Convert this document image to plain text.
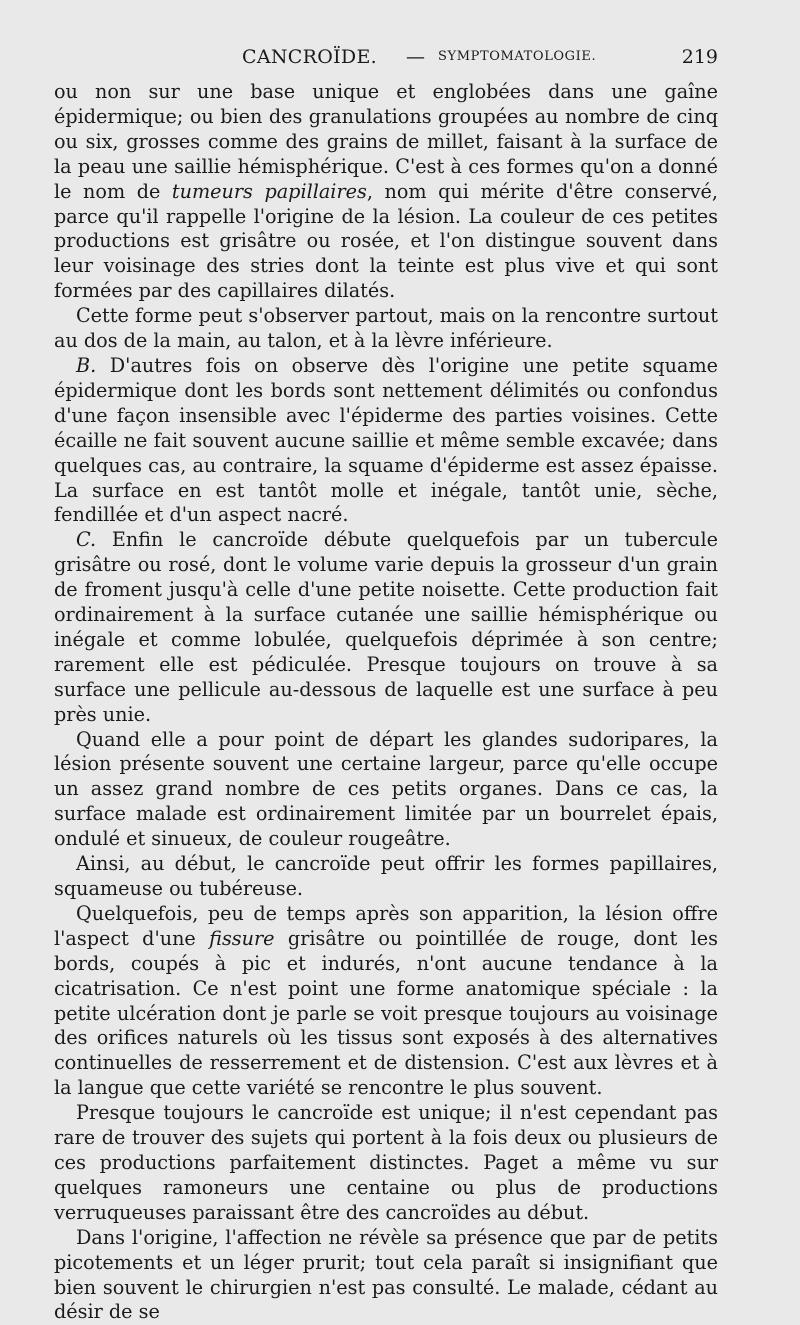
CANCROÏDE. — SYMPTOMATOLOGIE.	219

ou non sur une base unique et englobées dans une gaîne épidermique; ou bien des granulations groupées au nombre de cinq ou six, grosses comme des grains de millet, faisant à la surface de la peau une saillie hémisphérique. C'est à ces formes qu'on a donné le nom de tumeurs papillaires, nom qui mérite d'être conservé, parce qu'il rappelle l'origine de la lésion. La couleur de ces petites productions est grisâtre ou rosée, et l'on distingue souvent dans leur voisinage des stries dont la teinte est plus vive et qui sont formées par des capillaires dilatés.

Cette forme peut s'observer partout, mais on la rencontre surtout au dos de la main, au talon, et à la lèvre inférieure.

B. D'autres fois on observe dès l'origine une petite squame épidermique dont les bords sont nettement délimités ou confondus d'une façon insensible avec l'épiderme des parties voisines. Cette écaille ne fait souvent aucune saillie et même semble excavée; dans quelques cas, au contraire, la squame d'épiderme est assez épaisse. La surface en est tantôt molle et inégale, tantôt unie, sèche, fendillée et d'un aspect nacré.

C. Enfin le cancroïde débute quelquefois par un tubercule grisâtre ou rosé, dont le volume varie depuis la grosseur d'un grain de froment jusqu'à celle d'une petite noisette. Cette production fait ordinairement à la surface cutanée une saillie hémisphérique ou inégale et comme lobulée, quelquefois déprimée à son centre; rarement elle est pédiculée. Presque toujours on trouve à sa surface une pellicule au-dessous de laquelle est une surface à peu près unie.

Quand elle a pour point de départ les glandes sudoripares, la lésion présente souvent une certaine largeur, parce qu'elle occupe un assez grand nombre de ces petits organes. Dans ce cas, la surface malade est ordinairement limitée par un bourrelet épais, ondulé et sinueux, de couleur rougeâtre.

Ainsi, au début, le cancroïde peut offrir les formes papillaires, squameuse ou tubéreuse.

Quelquefois, peu de temps après son apparition, la lésion offre l'aspect d'une fissure grisâtre ou pointillée de rouge, dont les bords, coupés à pic et indurés, n'ont aucune tendance à la cicatrisation. Ce n'est point une forme anatomique spéciale : la petite ulcération dont je parle se voit presque toujours au voisinage des orifices naturels où les tissus sont exposés à des alternatives continuelles de resserrement et de distension. C'est aux lèvres et à la langue que cette variété se rencontre le plus souvent.

Presque toujours le cancroïde est unique; il n'est cependant pas rare de trouver des sujets qui portent à la fois deux ou plusieurs de ces productions parfaitement distinctes. Paget a même vu sur quelques ramoneurs une centaine ou plus de productions verruqueuses paraissant être des cancroïdes au début.

Dans l'origine, l'affection ne révèle sa présence que par de petits picotements et un léger prurit; tout cela paraît si insignifiant que bien souvent le chirurgien n'est pas consulté. Le malade, cédant au désir de se
